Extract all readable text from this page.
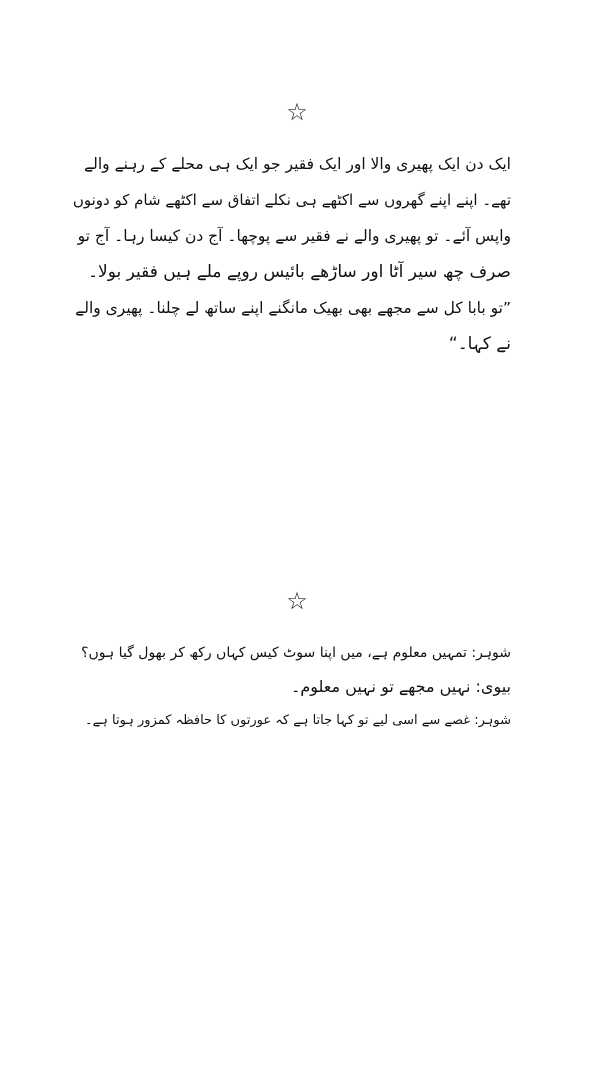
☆
ایک دن ایک پھیری والا اور ایک فقیر جو ایک ہی محلے کے رہنے والے
تھے۔ اپنے اپنے گھروں سے اکٹھے ہی نکلے اتفاق سے اکٹھے شام کو دونوں
واپس آئے۔ تو پھیری والے نے فقیر سے پوچھا۔ آج دن کیسا رہا۔ آج تو
صرف چھ سیر آٹا اور ساڑھے بائیس روپے ملے ہیں فقیر بولا۔
”تو بابا کل سے مجھے بھی بھیک مانگنے اپنے ساتھ لے چلنا۔ پھیری والے
نے کہا۔“
☆
شوہر: تمہیں معلوم ہے، میں اپنا سوٹ کیس کہاں رکھ کر بھول گیا ہوں؟
بیوی: نہیں مجھے تو نہیں معلوم۔
شوہر: غصے سے اسی لیے تو کہا جاتا ہے کہ عورتوں کا حافظہ کمزور ہوتا ہے۔
